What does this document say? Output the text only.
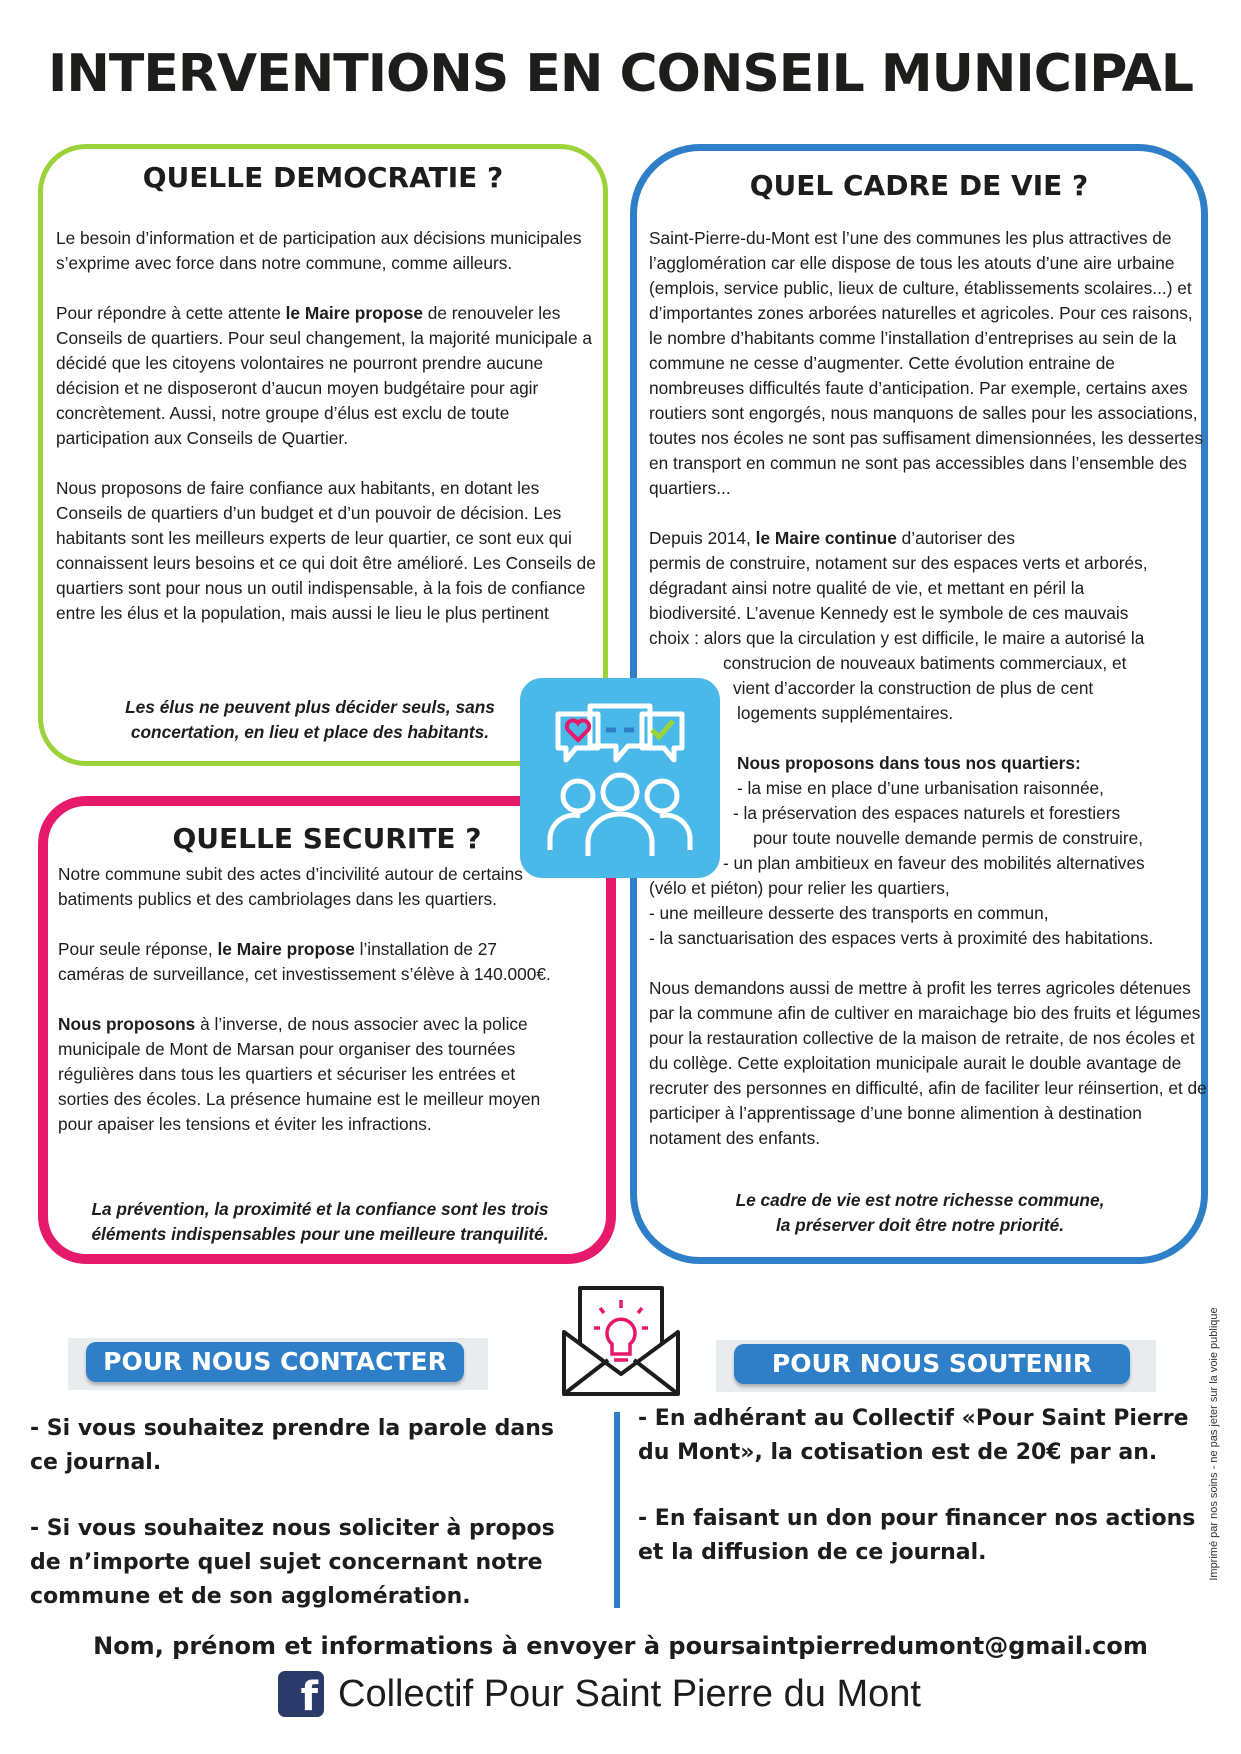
INTERVENTIONS EN CONSEIL MUNICIPAL
QUELLE DEMOCRATIE ?

Le besoin d’information et de participation aux décisions municipales s’exprime avec force dans notre commune, comme ailleurs.

Pour répondre à cette attente le Maire propose de renouveler les Conseils de quartiers. Pour seul changement, la majorité municipale a décidé que les citoyens volontaires ne pourront prendre aucune décision et ne disposeront d’aucun moyen budgétaire pour agir concrètement. Aussi, notre groupe d’élus est exclu de toute participation aux Conseils de Quartier.

Nous proposons de faire confiance aux habitants, en dotant les Conseils de quartiers d’un budget et d’un pouvoir de décision. Les habitants sont les meilleurs experts de leur quartier, ce sont eux qui connaissent leurs besoins et ce qui doit être amélioré. Les Conseils de quartiers sont pour nous un outil indispensable, à la fois de confiance entre les élus et la population, mais aussi le lieu le plus pertinent

Les élus ne peuvent plus décider seuls, sans
concertation, en lieu et place des habitants.
QUEL CADRE DE VIE ?

Saint-Pierre-du-Mont est l’une des communes les plus attractives de l’agglomération car elle dispose de tous les atouts d’une aire urbaine (emplois, service public, lieux de culture, établissements scolaires...) et d’importantes zones arborées naturelles et agricoles. Pour ces raisons, le nombre d’habitants comme l’installation d’entreprises au sein de la commune ne cesse d’augmenter. Cette évolution entraine de nombreuses difficultés faute d’anticipation. Par exemple, certains axes routiers sont engorgés, nous manquons de salles pour les associations, toutes nos écoles ne sont pas suffisament dimensionnées, les dessertes en transport en commun ne sont pas accessibles dans l’ensemble des quartiers...

Depuis 2014, le Maire continue d’autoriser des
permis de construire, notament sur des espaces verts et arborés,
dégradant ainsi notre qualité de vie, et mettant en péril la
biodiversité. L’avenue Kennedy est le symbole de ces mauvais
choix : alors que la circulation y est difficile, le maire a autorisé la
construcion de nouveaux batiments commerciaux, et
vient d’accorder la construction de plus de cent
logements supplémentaires.
Nous proposons dans tous nos quartiers:
- la mise en place d’une urbanisation raisonnée,
- la préservation des espaces naturels et forestiers
pour toute nouvelle demande permis de construire,
- un plan ambitieux en faveur des mobilités alternatives
(vélo et piéton) pour relier les quartiers,
- une meilleure desserte des transports en commun,
- la sanctuarisation des espaces verts à proximité des habitations.

Nous demandons aussi de mettre à profit les terres agricoles détenues par la commune afin de cultiver en maraichage bio des fruits et légumes pour la restauration collective de la maison de retraite, de nos écoles et du collège. Cette exploitation municipale aurait le double avantage de recruter des personnes en difficulté, afin de faciliter leur réinsertion, et de participer à l’apprentissage d’une bonne alimention à destination notament des enfants.

Le cadre de vie est notre richesse commune,
la préserver doit être notre priorité.
QUELLE SECURITE ?

Notre commune subit des actes d’incivilité autour de certains batiments publics et des cambriolages dans les quartiers.

Pour seule réponse, le Maire propose l’installation de 27 caméras de surveillance, cet investissement s’élève à 140.000€.

Nous proposons à l’inverse, de nous associer avec la police municipale de Mont de Marsan pour organiser des tournées régulières dans tous les quartiers et sécuriser les entrées et sorties des écoles. La présence humaine est le meilleur moyen pour apaiser les tensions et éviter les infractions.

La prévention, la proximité et la confiance sont les trois
éléments indispensables pour une meilleure tranquilité.
POUR NOUS CONTACTER	POUR NOUS SOUTENIR

- Si vous souhaitez prendre la parole dans ce journal.

- Si vous souhaitez nous soliciter à propos de n’importe quel sujet concernant notre commune et de son agglomération.

- En adhérant au Collectif «Pour Saint Pierre du Mont», la cotisation est de 20€ par an.

- En faisant un don pour financer nos actions et la diffusion de ce journal.

Nom, prénom et informations à envoyer à poursaintpierredumont@gmail.com
f Collectif Pour Saint Pierre du Mont
Imprimé par nos soins - ne pas jeter sur la voie publique
